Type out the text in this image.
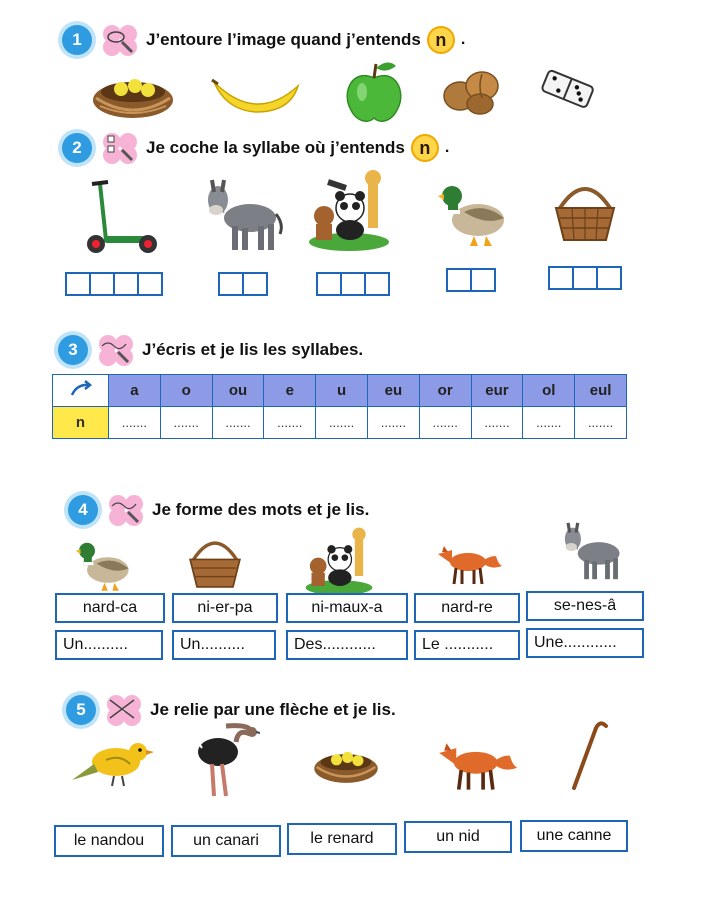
1	J’entoure l’image quand j’entends n .
2	Je coche la syllabe où j’entends n .
3	J’écris et je lis les syllabes.
	a	o	ou	e	u	eu	or	eur	ol	eul
n	.......	.......	.......	.......	.......	.......	.......	.......	.......	.......
4	Je forme des mots et je lis.
nard-ca	ni-er-pa	ni-maux-a	nard-re	se-nes-â
Un..........	Un..........	Des............	Le ...........	Une............
5	Je relie par une flèche et je lis.
le nandou	un canari	le renard	un nid	une canne
